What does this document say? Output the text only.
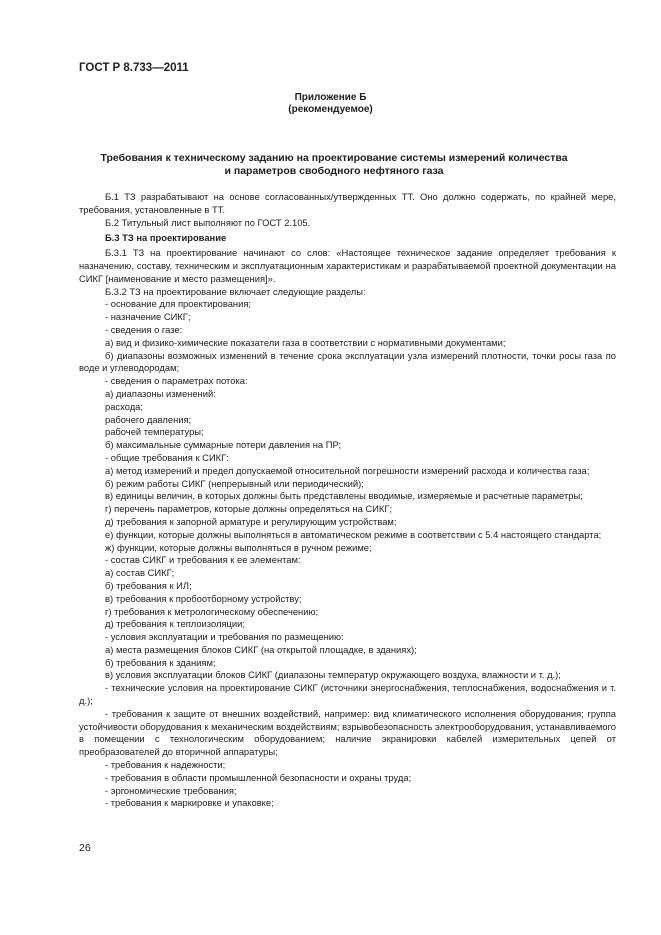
ГОСТ Р 8.733—2011
Приложение Б
(рекомендуемое)
Требования к техническому заданию на проектирование системы измерений количества
и параметров свободного нефтяного газа

Б.1 ТЗ разрабатывают на основе согласованных/утвержденных ТТ. Оно должно содержать, по крайней мере, требования, установленные в ТТ.

Б.2 Титульный лист выполняют по ГОСТ 2.105.

Б.3 ТЗ на проектирование

Б.3.1 ТЗ на проектирование начинают со слов: «Настоящее техническое задание определяет требования к назначению, составу, техническим и эксплуатационным характеристикам и разрабатываемой проектной документации на СИКГ [наименование и место размещения]».

Б.3.2 ТЗ на проектирование включает следующие разделы:

- основание для проектирования;

- назначение СИКГ;

- сведения о газе:

а) вид и физико-химические показатели газа в соответствии с нормативными документами;

б) диапазоны возможных изменений в течение срока эксплуатации узла измерений плотности, точки росы газа по воде и углеводородам;

- сведения о параметрах потока:

а) диапазоны изменений:

расхода;

рабочего давления;

рабочей температуры;

б) максимальные суммарные потери давления на ПР;

- общие требования к СИКГ:

а) метод измерений и предел допускаемой относительной погрешности измерений расхода и количества газа;

б) режим работы СИКГ (непрерывный или периодический);

в) единицы величин, в которых должны быть представлены вводимые, измеряемые и расчетные параметры;

г) перечень параметров, которые должны определяться на СИКГ;

д) требования к запорной арматуре и регулирующим устройствам;

е) функции, которые должны выполняться в автоматическом режиме в соответствии с 5.4 настоящего стандарта;

ж) функции, которые должны выполняться в ручном режиме;

- состав СИКГ и требования к ее элементам:

а) состав СИКГ;

б) требования к ИЛ;

в) требования к пробоотборному устройству;

г) требования к метрологическому обеспечению;

д) требования к теплоизоляции;

- условия эксплуатации и требования по размещению:

а) места размещения блоков СИКГ (на открытой площадке, в зданиях);

б) требования к зданиям;

в) условия эксплуатации блоков СИКГ (диапазоны температур окружающего воздуха, влажности и т. д.);

- технические условия на проектирование СИКГ (источники энергоснабжения, теплоснабжения, водоснабжения и т. д.);

- требования к защите от внешних воздействий, например: вид климатического исполнения оборудования; группа устойчивости оборудования к механическим воздействиям; взрывобезопасность электрооборудования, устанавливаемого в помещении с технологическим оборудованием; наличие экранировки кабелей измерительных цепей от преобразователей до вторичной аппаратуры;

- требования к надежности;

- требования в области промышленной безопасности и охраны труда;

- эргономические требования;

- требования к маркировке и упаковке;

26
